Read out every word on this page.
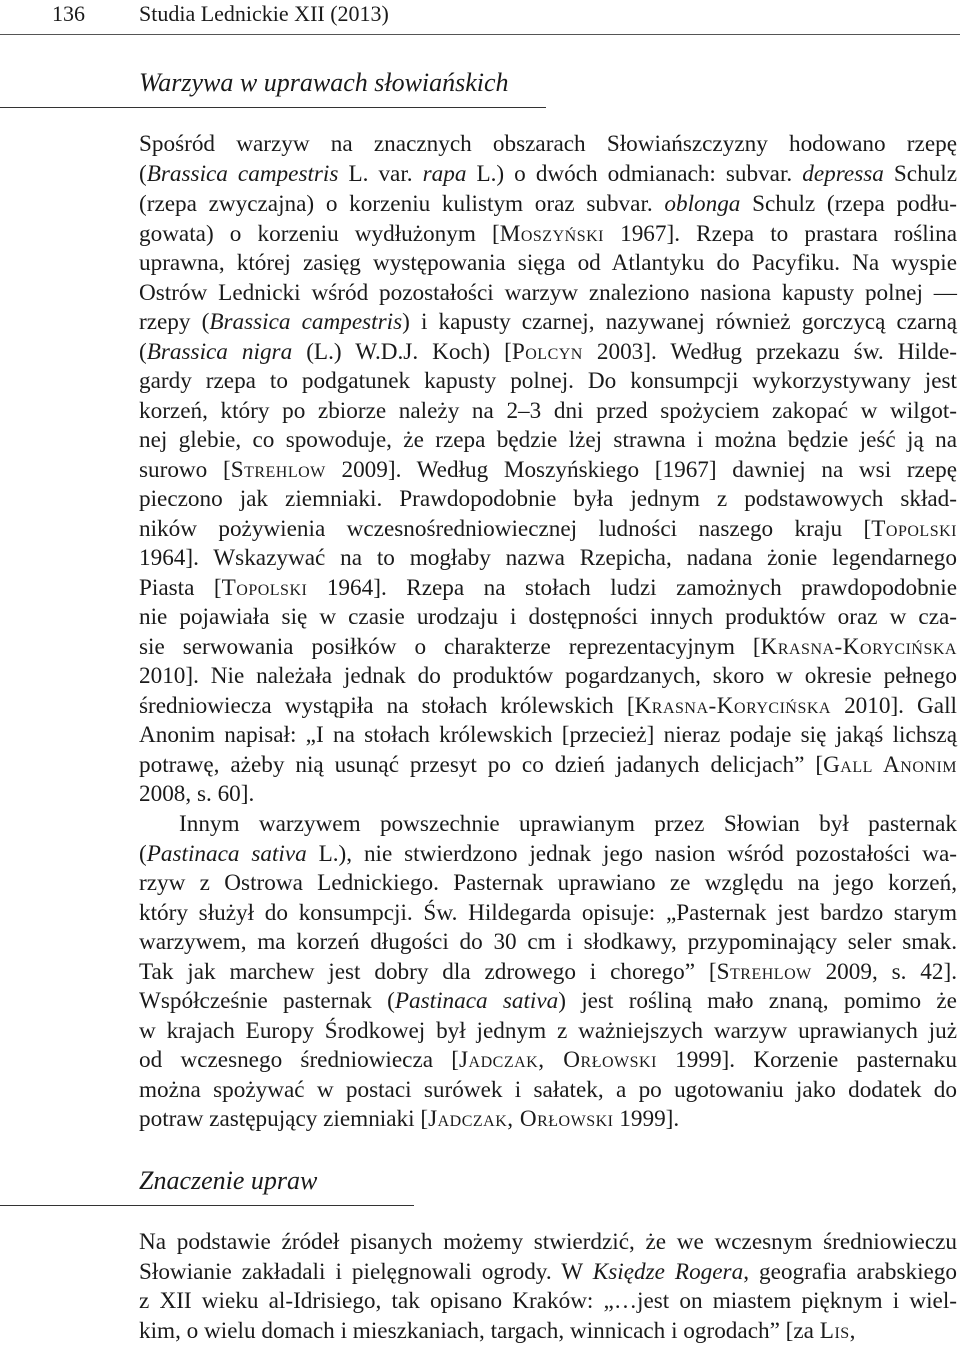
136 Studia Lednickie XII (2013)
Warzywa w uprawach słowiańskich
Znaczenie upraw
Spośród warzyw na znacznych obszarach Słowiańszczyzny hodowano rzepę
(Brassica campestris L. var. rapa L.) o dwóch odmianach: subvar. depressa Schulz
(rzepa zwyczajna) o korzeniu kulistym oraz subvar. oblonga Schulz (rzepa podłu-
gowata) o korzeniu wydłużonym [Moszyński 1967]. Rzepa to prastara roślina
uprawna, której zasięg występowania sięga od Atlantyku do Pacyfiku. Na wyspie
Ostrów Lednicki wśród pozostałości warzyw znaleziono nasiona kapusty polnej —
rzepy (Brassica campestris) i kapusty czarnej, nazywanej również gorczycą czarną
(Brassica nigra (L.) W.D.J. Koch) [Polcyn 2003]. Według przekazu św. Hilde-
gardy rzepa to podgatunek kapusty polnej. Do konsumpcji wykorzystywany jest
korzeń, który po zbiorze należy na 2–3 dni przed spożyciem zakopać w wilgot-
nej glebie, co spowoduje, że rzepa będzie lżej strawna i można będzie jeść ją na
surowo [Strehlow 2009]. Według Moszyńskiego [1967] dawniej na wsi rzepę
pieczono jak ziemniaki. Prawdopodobnie była jednym z podstawowych skład-
ników pożywienia wczesnośredniowiecznej ludności naszego kraju [Topolski
1964]. Wskazywać na to mogłaby nazwa Rzepicha, nadana żonie legendarnego
Piasta [Topolski 1964]. Rzepa na stołach ludzi zamożnych prawdopodobnie
nie pojawiała się w czasie urodzaju i dostępności innych produktów oraz w cza-
sie serwowania posiłków o charakterze reprezentacyjnym [Krasna-Korycińska
2010]. Nie należała jednak do produktów pogardzanych, skoro w okresie pełnego
średniowiecza wystąpiła na stołach królewskich [Krasna-Korycińska 2010]. Gall
Anonim napisał: „I na stołach królewskich [przecież] nieraz podaje się jakąś lichszą
potrawę, ażeby nią usunąć przesyt po co dzień jadanych delicjach” [Gall Anonim
2008, s. 60].
Innym warzywem powszechnie uprawianym przez Słowian był pasternak
(Pastinaca sativa L.), nie stwierdzono jednak jego nasion wśród pozostałości wa-
rzyw z Ostrowa Lednickiego. Pasternak uprawiano ze względu na jego korzeń,
który służył do konsumpcji. Św. Hildegarda opisuje: „Pasternak jest bardzo starym
warzywem, ma korzeń długości do 30 cm i słodkawy, przypominający seler smak.
Tak jak marchew jest dobry dla zdrowego i chorego” [Strehlow 2009, s. 42].
Współcześnie pasternak (Pastinaca sativa) jest rośliną mało znaną, pomimo że
w krajach Europy Środkowej był jednym z ważniejszych warzyw uprawianych już
od wczesnego średniowiecza [Jadczak, Orłowski 1999]. Korzenie pasternaku
można spożywać w postaci surówek i sałatek, a po ugotowaniu jako dodatek do
potraw zastępujący ziemniaki [Jadczak, Orłowski 1999].
Na podstawie źródeł pisanych możemy stwierdzić, że we wczesnym średniowieczu
Słowianie zakładali i pielęgnowali ogrody. W Księdze Rogera, geografia arabskiego
z XII wieku al-Idrisiego, tak opisano Kraków: „…jest on miastem pięknym i wiel-
kim, o wielu domach i mieszkaniach, targach, winnicach i ogrodach” [za Lis,
